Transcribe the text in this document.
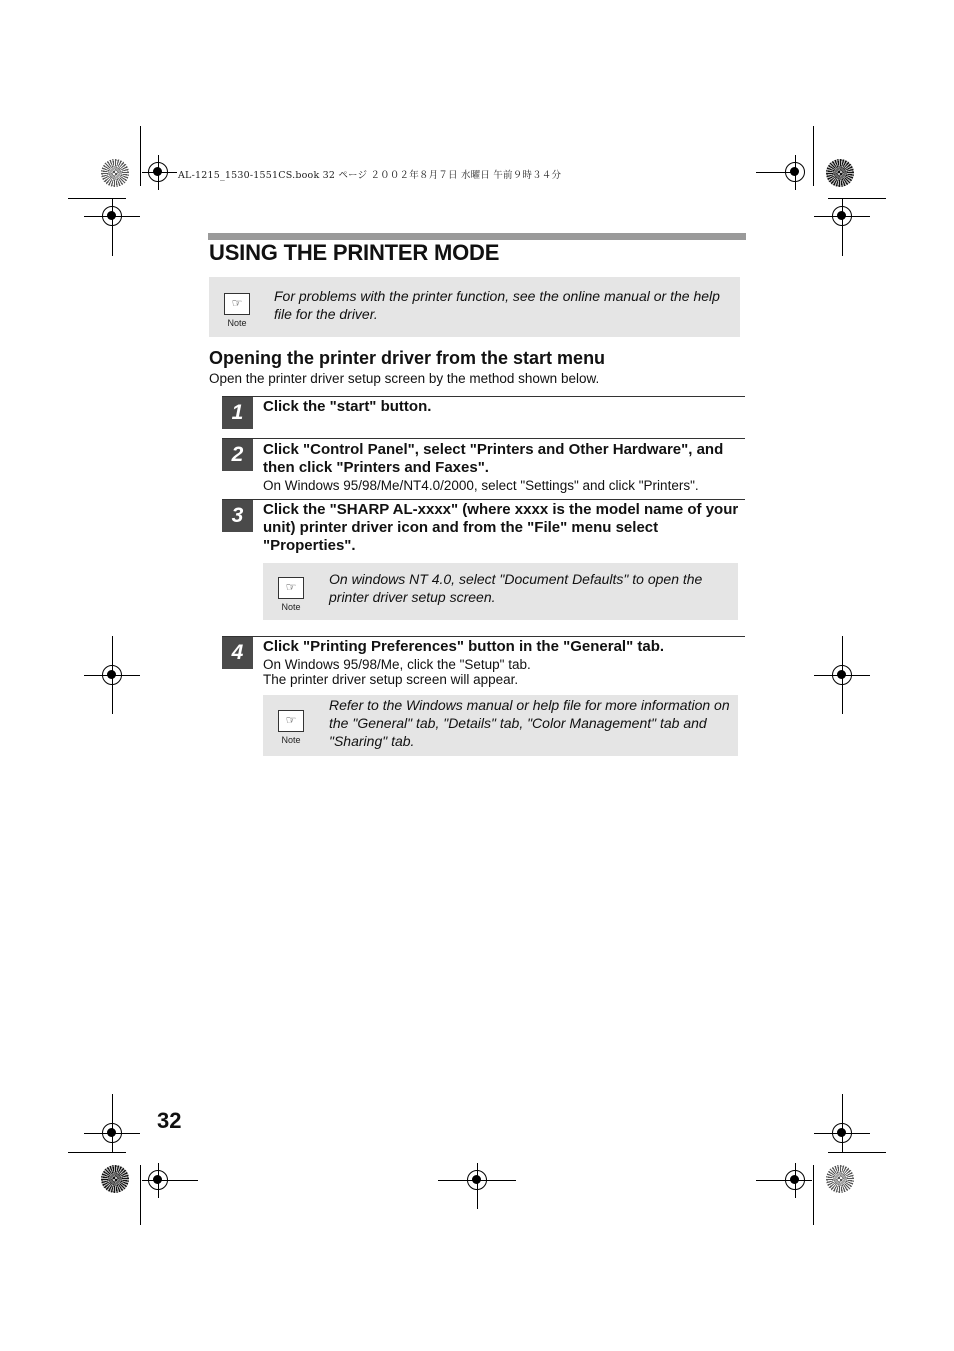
AL-1215_1530-1551CS.book 32 ページ ２００２年８月７日 水曜日 午前９時３４分
USING THE PRINTER MODE
☞
Note
For problems with the printer function, see the online manual or the help file for the driver.
Opening the printer driver from the start menu
Open the printer driver setup screen by the method shown below.
1	Click the "start" button.
2	Click "Control Panel", select "Printers and Other Hardware", and then click "Printers and Faxes".
On Windows 95/98/Me/NT4.0/2000, select "Settings" and click "Printers".
3	Click the "SHARP AL-xxxx" (where xxxx is the model name of your unit) printer driver icon and from the "File" menu select "Properties".
☞
Note
On windows NT 4.0, select "Document Defaults" to open the printer driver setup screen.
4	Click "Printing Preferences" button in the "General" tab.
On Windows 95/98/Me, click the "Setup" tab.
The printer driver setup screen will appear.
☞
Note
Refer to the Windows manual or help file for more information on the "General" tab, "Details" tab, "Color Management" tab and "Sharing" tab.
32
